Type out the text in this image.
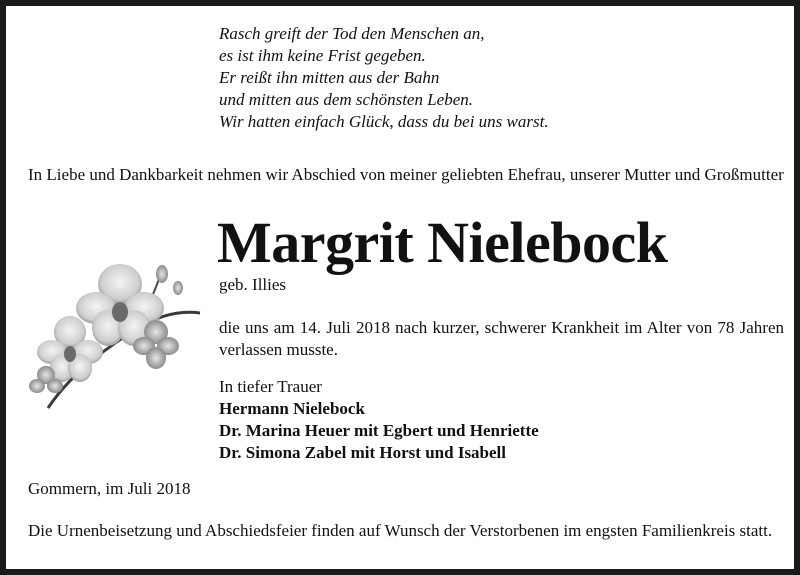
Rasch greift der Tod den Menschen an,
es ist ihm keine Frist gegeben.
Er reißt ihn mitten aus der Bahn
und mitten aus dem schönsten Leben.
Wir hatten einfach Glück, dass du bei uns warst.
In Liebe und Dankbarkeit nehmen wir Abschied von meiner geliebten Ehefrau, unserer Mutter und Großmutter
Margrit Nielebock
geb. Illies
die uns am 14. Juli 2018 nach kurzer, schwerer Krankheit im Alter von 78 Jahren verlassen musste.
In tiefer Trauer
Hermann Nielebock
Dr. Marina Heuer mit Egbert und Henriette
Dr. Simona Zabel mit Horst und Isabell
Gommern, im Juli 2018
Die Urnenbeisetzung und Abschiedsfeier finden auf Wunsch der Verstorbenen im engsten Familienkreis statt.
